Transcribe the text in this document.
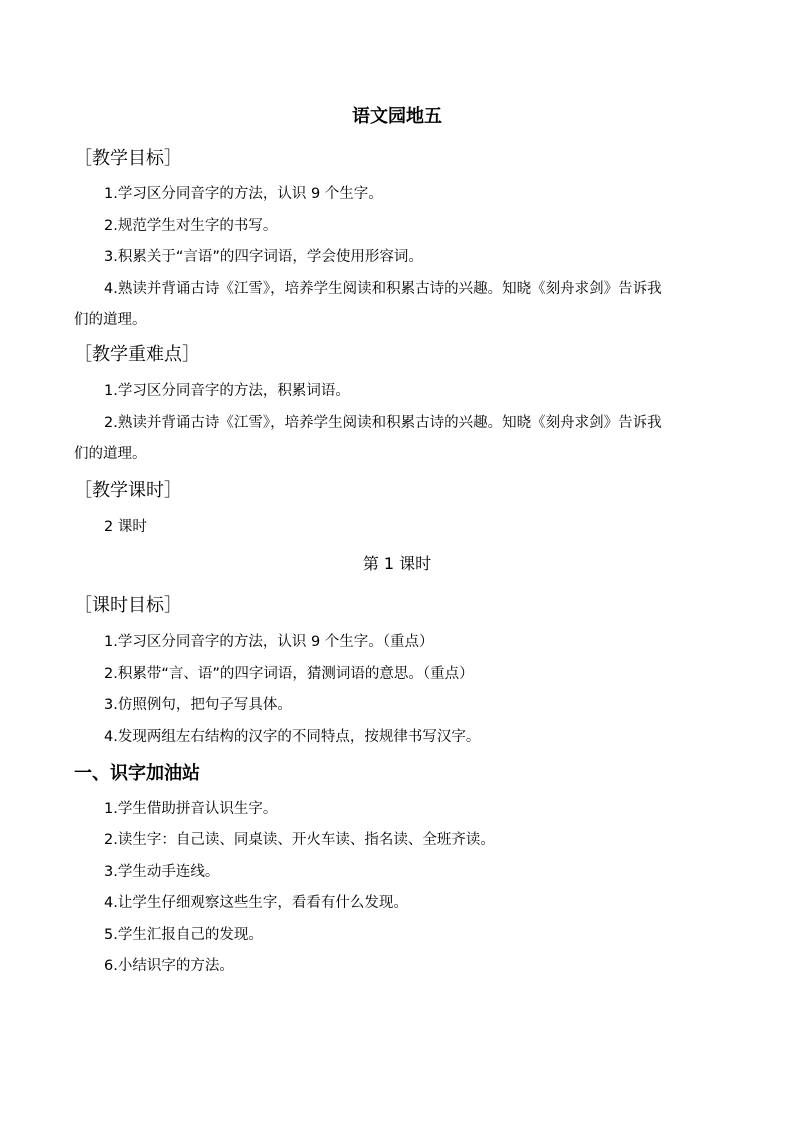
语文园地五
［教学目标］
1.学习区分同音字的方法，认识 9 个生字。
2.规范学生对生字的书写。
3.积累关于“言语”的四字词语，学会使用形容词。
4.熟读并背诵古诗《江雪》，培养学生阅读和积累古诗的兴趣。知晓《刻舟求剑》告诉我
们的道理。
［教学重难点］
1.学习区分同音字的方法，积累词语。
2.熟读并背诵古诗《江雪》，培养学生阅读和积累古诗的兴趣。知晓《刻舟求剑》告诉我
们的道理。
［教学课时］
2 课时
第 1 课时
［课时目标］
1.学习区分同音字的方法，认识 9 个生字。（重点）
2.积累带“言、语”的四字词语，猜测词语的意思。（重点）
3.仿照例句，把句子写具体。
4.发现两组左右结构的汉字的不同特点，按规律书写汉字。
一、识字加油站
1.学生借助拼音认识生字。
2.读生字：自己读、同桌读、开火车读、指名读、全班齐读。
3.学生动手连线。
4.让学生仔细观察这些生字，看看有什么发现。
5.学生汇报自己的发现。
6.小结识字的方法。
